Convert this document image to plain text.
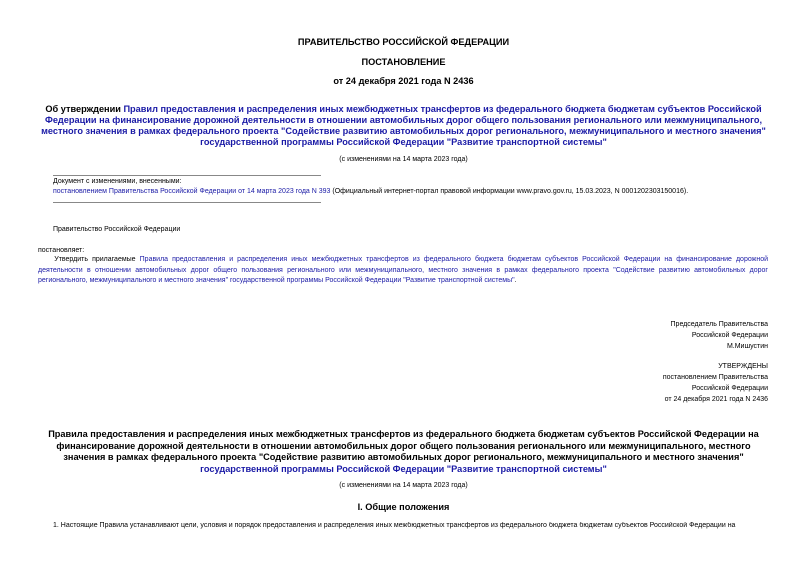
ПРАВИТЕЛЬСТВО РОССИЙСКОЙ ФЕДЕРАЦИИ
ПОСТАНОВЛЕНИЕ
от 24 декабря 2021 года N 2436
Об утверждении Правил предоставления и распределения иных межбюджетных трансфертов из федерального бюджета бюджетам субъектов Российской Федерации на финансирование дорожной деятельности в отношении автомобильных дорог общего пользования регионального или межмуниципального, местного значения в рамках федерального проекта "Содействие развитию автомобильных дорог регионального, межмуниципального и местного значения" государственной программы Российской Федерации "Развитие транспортной системы"
(с изменениями на 14 марта 2023 года)
Документ с изменениями, внесенными:
постановлением Правительства Российской Федерации от 14 марта 2023 года N 393 (Официальный интернет-портал правовой информации www.pravo.gov.ru, 15.03.2023, N 0001202303150016).
Правительство Российской Федерации
постановляет:
Утвердить прилагаемые Правила предоставления и распределения иных межбюджетных трансфертов из федерального бюджета бюджетам субъектов Российской Федерации на финансирование дорожной деятельности в отношении автомобильных дорог общего пользования регионального или межмуниципального, местного значения в рамках федерального проекта "Содействие развитию автомобильных дорог регионального, межмуниципального и местного значения" государственной программы Российской Федерации "Развитие транспортной системы".
Председатель Правительства
Российской Федерации
М.Мишустин
УТВЕРЖДЕНЫ
постановлением Правительства
Российской Федерации
от 24 декабря 2021 года N 2436
Правила предоставления и распределения иных межбюджетных трансфертов из федерального бюджета бюджетам субъектов Российской Федерации на финансирование дорожной деятельности в отношении автомобильных дорог общего пользования регионального или межмуниципального, местного значения в рамках федерального проекта "Содействие развитию автомобильных дорог регионального, межмуниципального и местного значения" государственной программы Российской Федерации "Развитие транспортной системы"
(с изменениями на 14 марта 2023 года)
I. Общие положения
1. Настоящие Правила устанавливают цели, условия и порядок предоставления и распределения иных межбюджетных трансфертов из федерального бюджета бюджетам субъектов Российской Федерации на
